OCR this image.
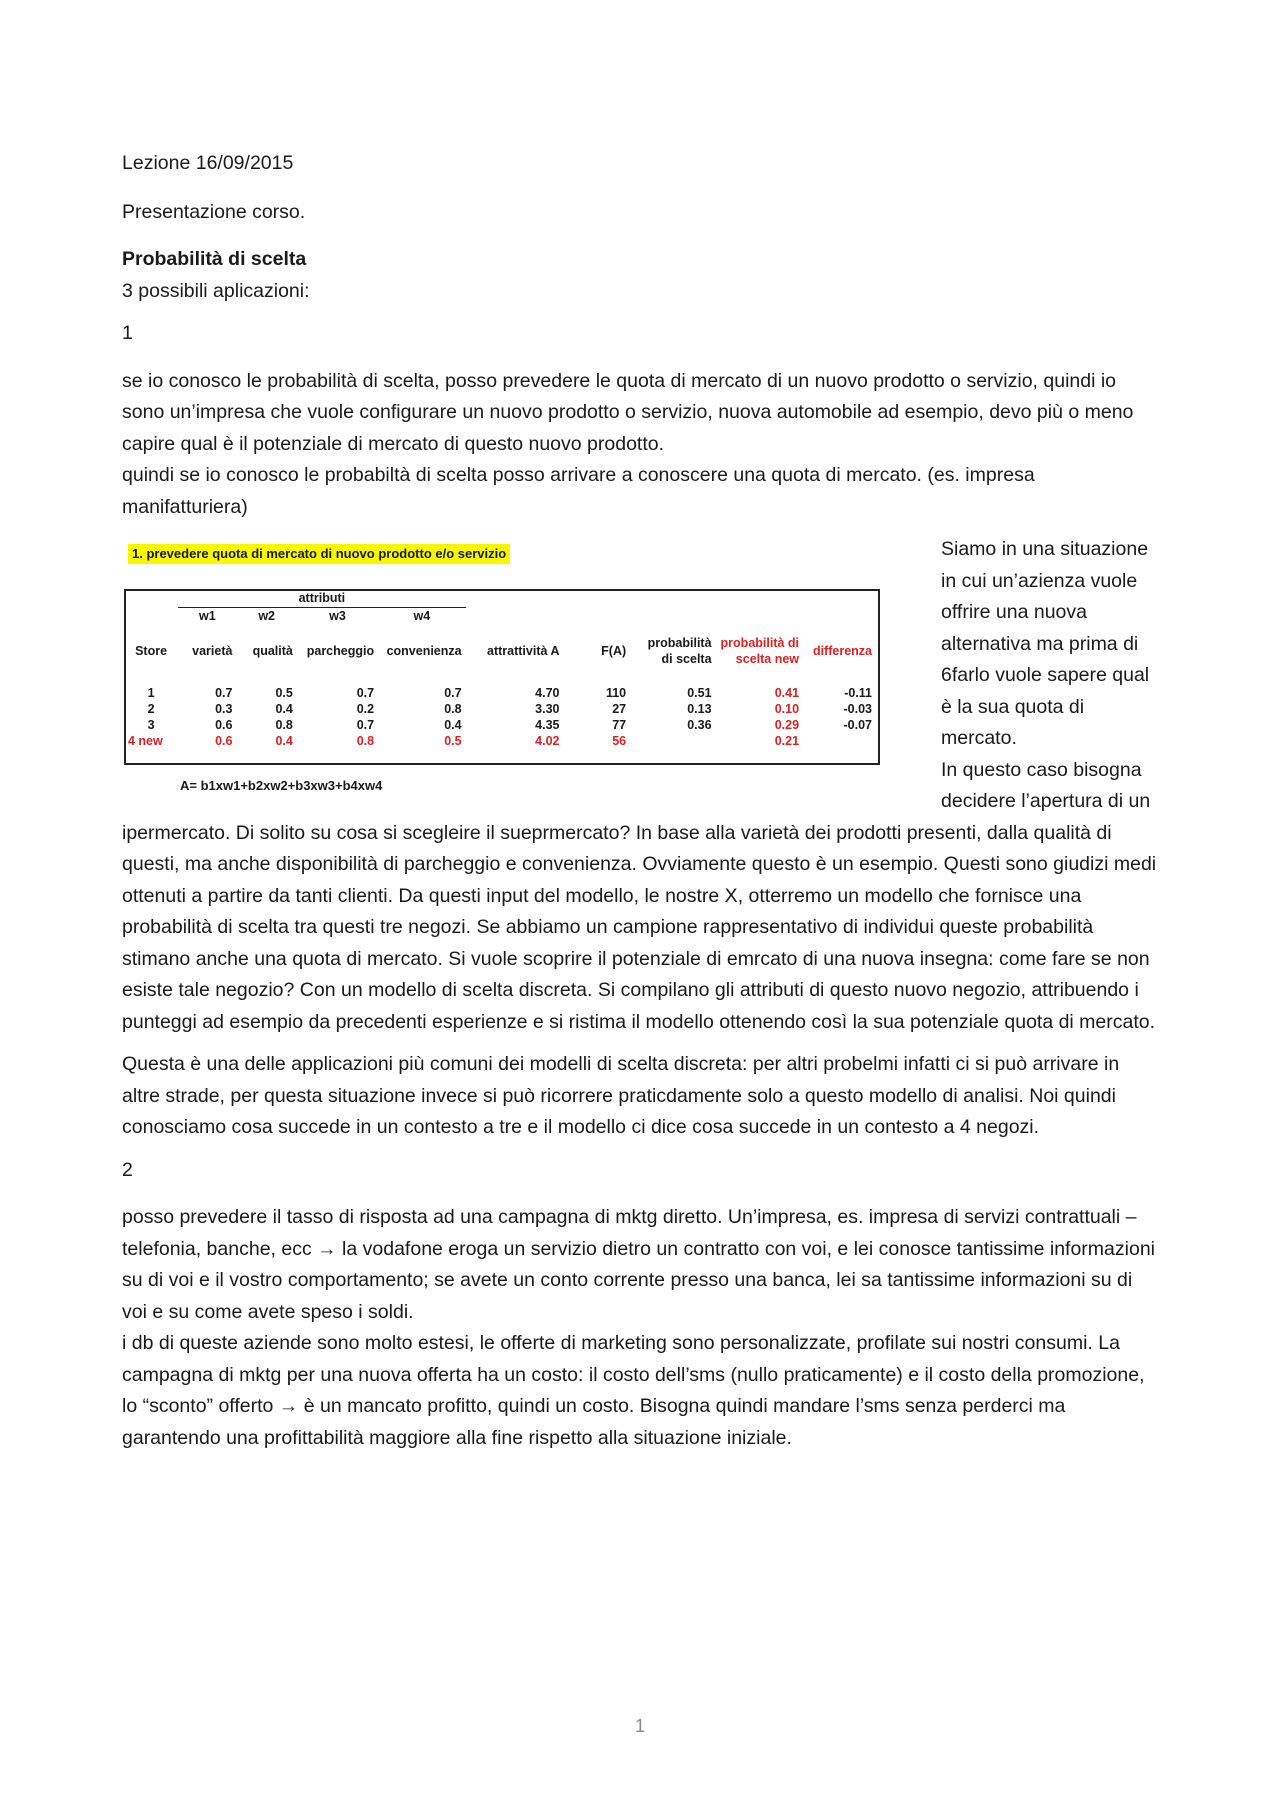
Lezione 16/09/2015

Presentazione corso.

Probabilità di scelta

3 possibili aplicazioni:

1

se io conosco le probabilità di scelta, posso prevedere le quota di mercato di un nuovo prodotto o servizio, quindi io sono un’impresa che vuole configurare un nuovo prodotto o servizio, nuova automobile ad esempio, devo più o meno capire qual è il potenziale di mercato di questo nuovo prodotto.

quindi se io conosco le probabiltà di scelta posso arrivare a conoscere una quota di mercato. (es. impresa manifatturiera)

1. prevedere quota di mercato di nuovo prodotto e/o servizio
	attributi								
	w1	w2	w3	w4					
Store	varietà	qualità	parcheggio	convenienza	attrattività A	F(A)	probabilità di scelta	probabilità di scelta new	differenza

1	0.7	0.5	0.7	0.7	4.70	110	0.51	0.41	-0.11
2	0.3	0.4	0.2	0.8	3.30	27	0.13	0.10	-0.03
3	0.6	0.8	0.7	0.4	4.35	77	0.36	0.29	-0.07
4 new	0.6	0.4	0.8	0.5	4.02	56		0.21	
A= b1xw1+b2xw2+b3xw3+b4xw4

Siamo in una situazione in cui un’azienza vuole offrire una nuova alternativa ma prima di 6farlo vuole sapere qual è la sua quota di mercato.

In questo caso bisogna decidere l’apertura di un ipermercato. Di solito su cosa si scegleire il sueprmercato? In base alla varietà dei prodotti presenti, dalla qualità di questi, ma anche disponibilità di parcheggio e convenienza. Ovviamente questo è un esempio. Questi sono giudizi medi ottenuti a partire da tanti clienti. Da questi input del modello, le nostre X, otterremo un modello che fornisce una probabilità di scelta tra questi tre negozi. Se abbiamo un campione rappresentativo di individui queste probabilità stimano anche una quota di mercato. Si vuole scoprire il potenziale di emrcato di una nuova insegna: come fare se non esiste tale negozio? Con un modello di scelta discreta. Si compilano gli attributi di questo nuovo negozio, attribuendo i punteggi ad esempio da precedenti esperienze e si ristima il modello ottenendo così la sua potenziale quota di mercato.

Questa è una delle applicazioni più comuni dei modelli di scelta discreta: per altri probelmi infatti ci si può arrivare in altre strade, per questa situazione invece si può ricorrere praticdamente solo a questo modello di analisi. Noi quindi conosciamo cosa succede in un contesto a tre e il modello ci dice cosa succede in un contesto a 4 negozi.

2

posso prevedere il tasso di risposta ad una campagna di mktg diretto. Un’impresa, es. impresa di servizi contrattuali – telefonia, banche, ecc → la vodafone eroga un servizio dietro un contratto con voi, e lei conosce tantissime informazioni su di voi e il vostro comportamento; se avete un conto corrente presso una banca, lei sa tantissime informazioni su di voi e su come avete speso i soldi.

i db di queste aziende sono molto estesi, le offerte di marketing sono personalizzate, profilate sui nostri consumi. La campagna di mktg per una nuova offerta ha un costo: il costo dell’sms (nullo praticamente) e il costo della promozione, lo “sconto” offerto → è un mancato profitto, quindi un costo. Bisogna quindi mandare l’sms senza perderci ma garantendo una profittabilità maggiore alla fine rispetto alla situazione iniziale.

1
